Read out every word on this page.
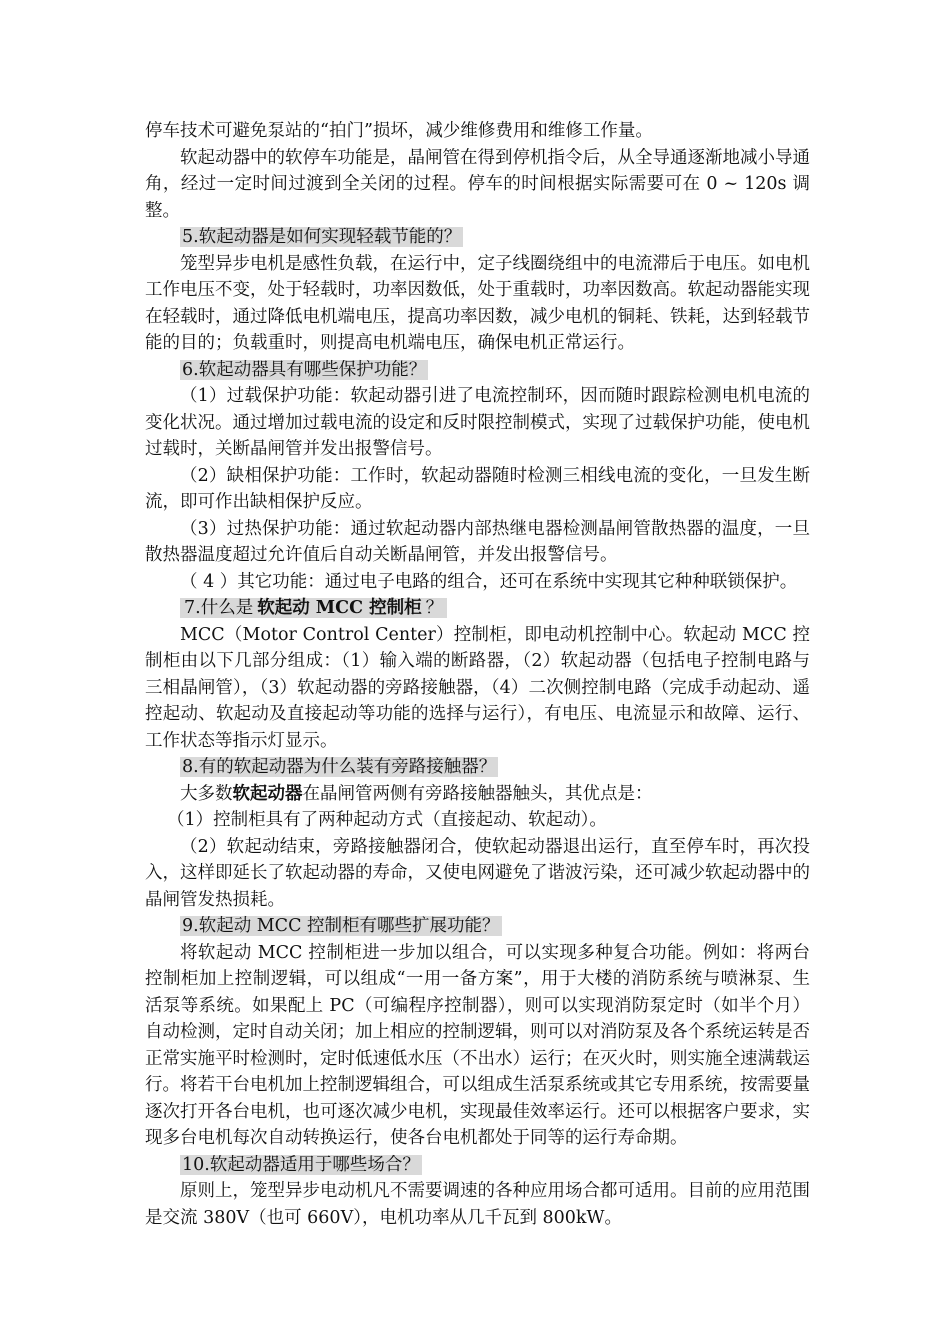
停车技术可避免泵站的“拍门”损坏，减少维修费用和维修工作量。

软起动器中的软停车功能是，晶闸管在得到停机指令后，从全导通逐渐地减小导通角，经过一定时间过渡到全关闭的过程。停车的时间根据实际需要可在 0 ~ 120s 调整。

5.软起动器是如何实现轻载节能的？

笼型异步电机是感性负载，在运行中，定子线圈绕组中的电流滞后于电压。如电机工作电压不变，处于轻载时，功率因数低，处于重载时，功率因数高。软起动器能实现在轻载时，通过降低电机端电压，提高功率因数，减少电机的铜耗、铁耗，达到轻载节能的目的；负载重时，则提高电机端电压，确保电机正常运行。

6.软起动器具有哪些保护功能？

（1）过载保护功能：软起动器引进了电流控制环，因而随时跟踪检测电机电流的变化状况。通过增加过载电流的设定和反时限控制模式，实现了过载保护功能，使电机过载时，关断晶闸管并发出报警信号。

（2）缺相保护功能：工作时，软起动器随时检测三相线电流的变化，一旦发生断流，即可作出缺相保护反应。

（3）过热保护功能：通过软起动器内部热继电器检测晶闸管散热器的温度，一旦散热器温度超过允许值后自动关断晶闸管，并发出报警信号。

（ 4 ）其它功能：通过电子电路的组合，还可在系统中实现其它种种联锁保护。

7.什么是 软起动 MCC 控制柜 ？

MCC（Motor Control Center）控制柜，即电动机控制中心。软起动 MCC 控制柜由以下几部分组成：（1）输入端的断路器，（2）软起动器（包括电子控制电路与三相晶闸管），（3）软起动器的旁路接触器，（4）二次侧控制电路（完成手动起动、遥控起动、软起动及直接起动等功能的选择与运行），有电压、电流显示和故障、运行、工作状态等指示灯显示。

8.有的软起动器为什么装有旁路接触器？

大多数软起动器在晶闸管两侧有旁路接触器触头，其优点是：

（1）控制柜具有了两种起动方式（直接起动、软起动）。

（2）软起动结束，旁路接触器闭合，使软起动器退出运行，直至停车时，再次投入，这样即延长了软起动器的寿命，又使电网避免了谐波污染，还可减少软起动器中的晶闸管发热损耗。

9.软起动 MCC 控制柜有哪些扩展功能？

将软起动 MCC 控制柜进一步加以组合，可以实现多种复合功能。例如：将两台控制柜加上控制逻辑，可以组成“一用一备方案”，用于大楼的消防系统与喷淋泵、生活泵等系统。如果配上 PC（可编程序控制器），则可以实现消防泵定时（如半个月）自动检测，定时自动关闭；加上相应的控制逻辑，则可以对消防泵及各个系统运转是否正常实施平时检测时，定时低速低水压（不出水）运行；在灭火时，则实施全速满载运行。将若干台电机加上控制逻辑组合，可以组成生活泵系统或其它专用系统，按需要量逐次打开各台电机，也可逐次减少电机，实现最佳效率运行。还可以根据客户要求，实现多台电机每次自动转换运行，使各台电机都处于同等的运行寿命期。

10.软起动器适用于哪些场合？

原则上，笼型异步电动机凡不需要调速的各种应用场合都可适用。目前的应用范围是交流 380V（也可 660V），电机功率从几千瓦到 800kW。
